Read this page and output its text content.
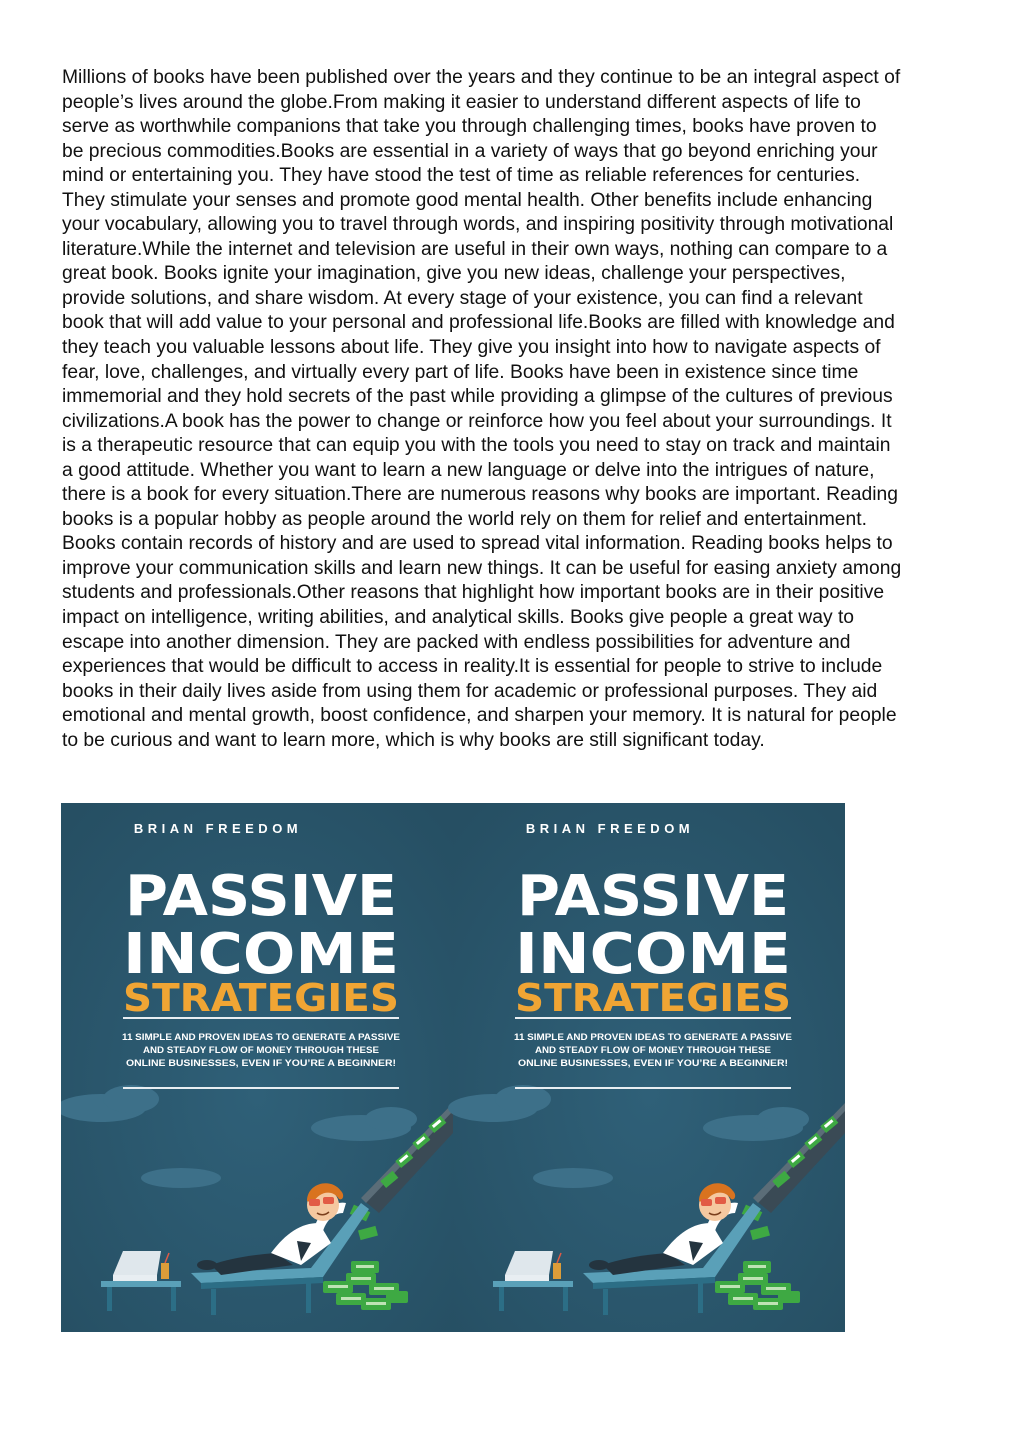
Millions of books have been published over the years and they continue to be an integral aspect of
people’s lives around the globe.From making it easier to understand different aspects of life to
serve as worthwhile companions that take you through challenging times, books have proven to
be precious commodities.Books are essential in a variety of ways that go beyond enriching your
mind or entertaining you. They have stood the test of time as reliable references for centuries.
They stimulate your senses and promote good mental health. Other benefits include enhancing
your vocabulary, allowing you to travel through words, and inspiring positivity through motivational
literature.While the internet and television are useful in their own ways, nothing can compare to a
great book. Books ignite your imagination, give you new ideas, challenge your perspectives,
provide solutions, and share wisdom. At every stage of your existence, you can find a relevant
book that will add value to your personal and professional life.Books are filled with knowledge and
they teach you valuable lessons about life. They give you insight into how to navigate aspects of
fear, love, challenges, and virtually every part of life. Books have been in existence since time
immemorial and they hold secrets of the past while providing a glimpse of the cultures of previous
civilizations.A book has the power to change or reinforce how you feel about your surroundings. It
is a therapeutic resource that can equip you with the tools you need to stay on track and maintain
a good attitude. Whether you want to learn a new language or delve into the intrigues of nature,
there is a book for every situation.There are numerous reasons why books are important. Reading
books is a popular hobby as people around the world rely on them for relief and entertainment.
Books contain records of history and are used to spread vital information. Reading books helps to
improve your communication skills and learn new things. It can be useful for easing anxiety among
students and professionals.Other reasons that highlight how important books are in their positive
impact on intelligence, writing abilities, and analytical skills. Books give people a great way to
escape into another dimension. They are packed with endless possibilities for adventure and
experiences that would be difficult to access in reality.It is essential for people to strive to include
books in their daily lives aside from using them for academic or professional purposes. They aid
emotional and mental growth, boost confidence, and sharpen your memory. It is natural for people
to be curious and want to learn more, which is why books are still significant today.

BRIAN FREEDOM
PASSIVE
INCOME
STRATEGIES
11 SIMPLE AND PROVEN IDEAS TO GENERATE A PASSIVE
AND STEADY FLOW OF MONEY THROUGH THESE
ONLINE BUSINESSES, EVEN IF YOU’RE A BEGINNER!
BRIAN FREEDOM
PASSIVE
INCOME
STRATEGIES
11 SIMPLE AND PROVEN IDEAS TO GENERATE A PASSIVE
AND STEADY FLOW OF MONEY THROUGH THESE
ONLINE BUSINESSES, EVEN IF YOU’RE A BEGINNER!
